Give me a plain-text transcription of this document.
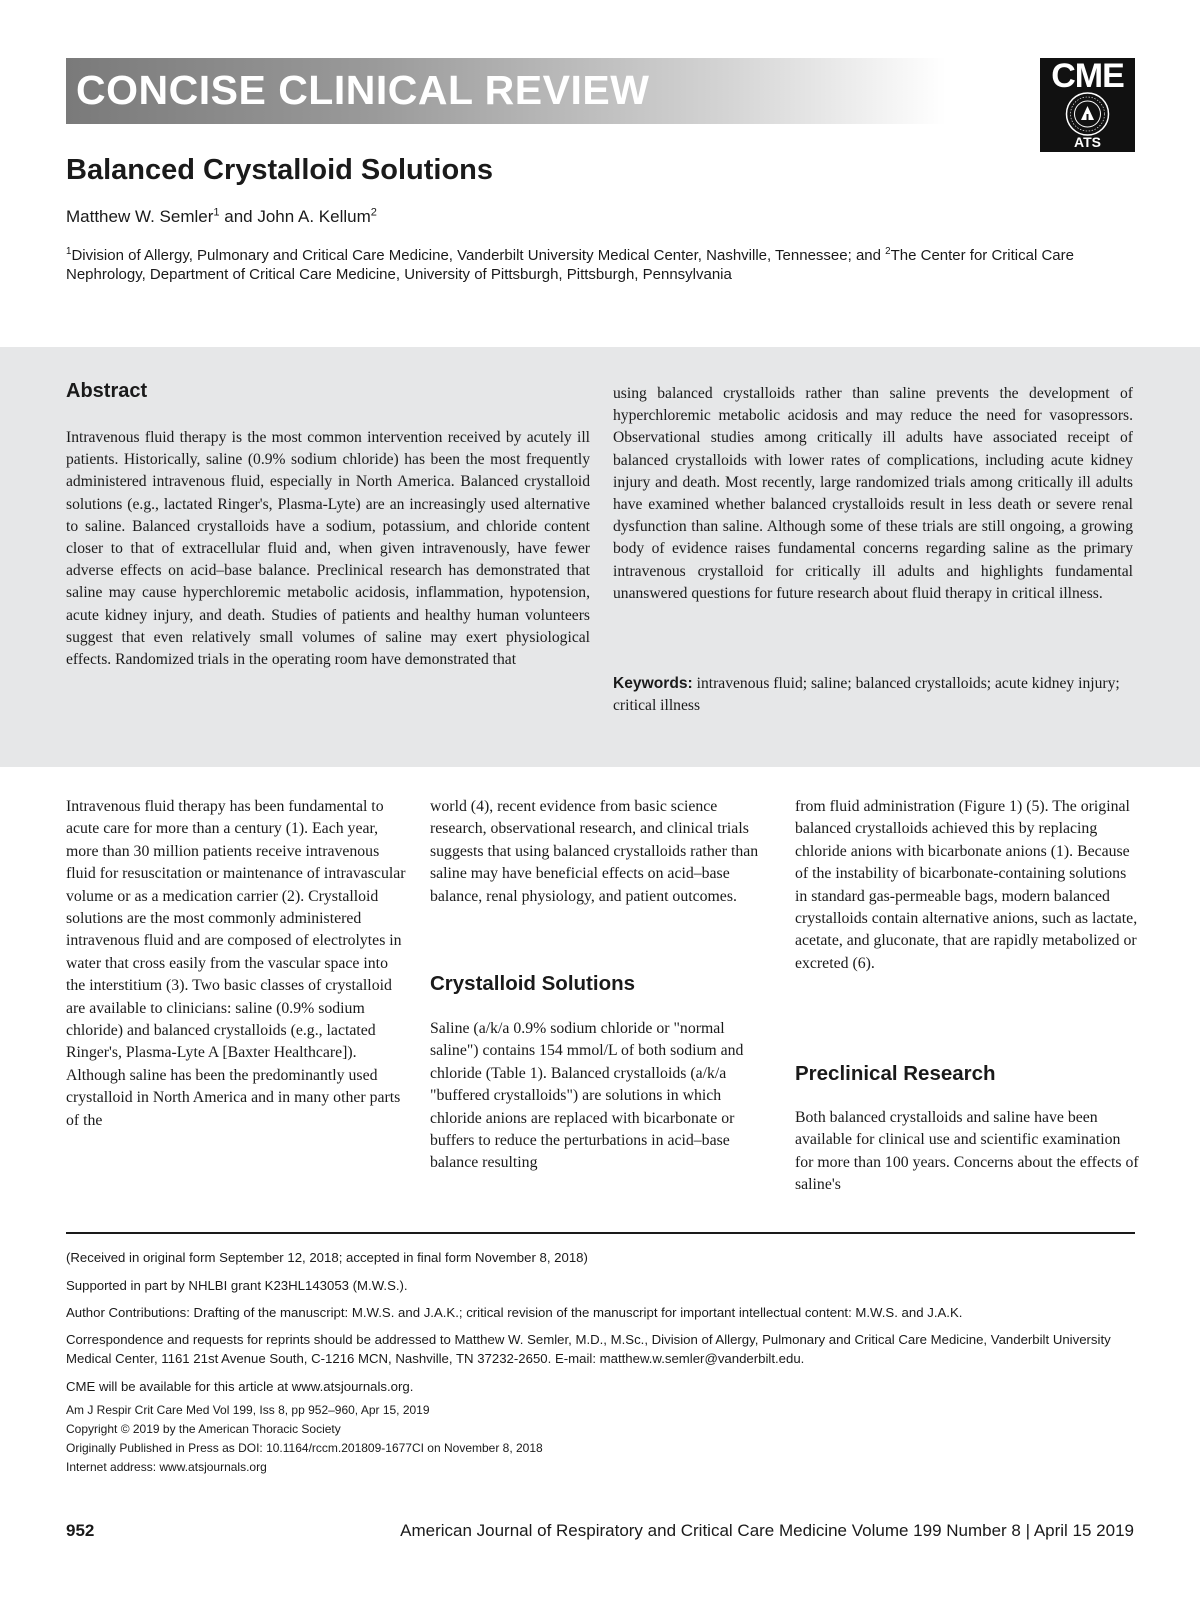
CONCISE CLINICAL REVIEW	CME
ATS
Balanced Crystalloid Solutions

Matthew W. Semler$^1$ and John A. Kellum$^2$

$^1$Division of Allergy, Pulmonary and Critical Care Medicine, Vanderbilt University Medical Center, Nashville, Tennessee; and $^2$The Center for Critical Care Nephrology, Department of Critical Care Medicine, University of Pittsburgh, Pittsburgh, Pennsylvania

Abstract

Intravenous fluid therapy is the most common intervention received by acutely ill patients. Historically, saline (0.9% sodium chloride) has been the most frequently administered intravenous fluid, especially in North America. Balanced crystalloid solutions (e.g., lactated Ringer's, Plasma-Lyte) are an increasingly used alternative to saline. Balanced crystalloids have a sodium, potassium, and chloride content closer to that of extracellular fluid and, when given intravenously, have fewer adverse effects on acid–base balance. Preclinical research has demonstrated that saline may cause hyperchloremic metabolic acidosis, inflammation, hypotension, acute kidney injury, and death. Studies of patients and healthy human volunteers suggest that even relatively small volumes of saline may exert physiological effects. Randomized trials in the operating room have demonstrated that

using balanced crystalloids rather than saline prevents the development of hyperchloremic metabolic acidosis and may reduce the need for vasopressors. Observational studies among critically ill adults have associated receipt of balanced crystalloids with lower rates of complications, including acute kidney injury and death. Most recently, large randomized trials among critically ill adults have examined whether balanced crystalloids result in less death or severe renal dysfunction than saline. Although some of these trials are still ongoing, a growing body of evidence raises fundamental concerns regarding saline as the primary intravenous crystalloid for critically ill adults and highlights fundamental unanswered questions for future research about fluid therapy in critical illness.

Keywords: intravenous fluid; saline; balanced crystalloids; acute kidney injury; critical illness

Intravenous fluid therapy has been fundamental to acute care for more than a century (1). Each year, more than 30 million patients receive intravenous fluid for resuscitation or maintenance of intravascular volume or as a medication carrier (2). Crystalloid solutions are the most commonly administered intravenous fluid and are composed of electrolytes in water that cross easily from the vascular space into the interstitium (3). Two basic classes of crystalloid are available to clinicians: saline (0.9% sodium chloride) and balanced crystalloids (e.g., lactated Ringer's, Plasma-Lyte A [Baxter Healthcare]). Although saline has been the predominantly used crystalloid in North America and in many other parts of the

world (4), recent evidence from basic science research, observational research, and clinical trials suggests that using balanced crystalloids rather than saline may have beneficial effects on acid–base balance, renal physiology, and patient outcomes.

Crystalloid Solutions

Saline (a/k/a 0.9% sodium chloride or "normal saline") contains 154 mmol/L of both sodium and chloride (Table 1). Balanced crystalloids (a/k/a "buffered crystalloids") are solutions in which chloride anions are replaced with bicarbonate or buffers to reduce the perturbations in acid–base balance resulting

from fluid administration (Figure 1) (5). The original balanced crystalloids achieved this by replacing chloride anions with bicarbonate anions (1). Because of the instability of bicarbonate-containing solutions in standard gas-permeable bags, modern balanced crystalloids contain alternative anions, such as lactate, acetate, and gluconate, that are rapidly metabolized or excreted (6).

Preclinical Research

Both balanced crystalloids and saline have been available for clinical use and scientific examination for more than 100 years. Concerns about the effects of saline's

(Received in original form September 12, 2018; accepted in final form November 8, 2018)

Supported in part by NHLBI grant K23HL143053 (M.W.S.).

Author Contributions: Drafting of the manuscript: M.W.S. and J.A.K.; critical revision of the manuscript for important intellectual content: M.W.S. and J.A.K.

Correspondence and requests for reprints should be addressed to Matthew W. Semler, M.D., M.Sc., Division of Allergy, Pulmonary and Critical Care Medicine, Vanderbilt University Medical Center, 1161 21st Avenue South, C-1216 MCN, Nashville, TN 37232-2650. E-mail: matthew.w.semler@vanderbilt.edu.

CME will be available for this article at www.atsjournals.org.

Am J Respir Crit Care Med Vol 199, Iss 8, pp 952–960, Apr 15, 2019

Copyright © 2019 by the American Thoracic Society

Originally Published in Press as DOI: 10.1164/rccm.201809-1677CI on November 8, 2018

Internet address: www.atsjournals.org

952	American Journal of Respiratory and Critical Care Medicine Volume 199 Number 8 | April 15 2019
